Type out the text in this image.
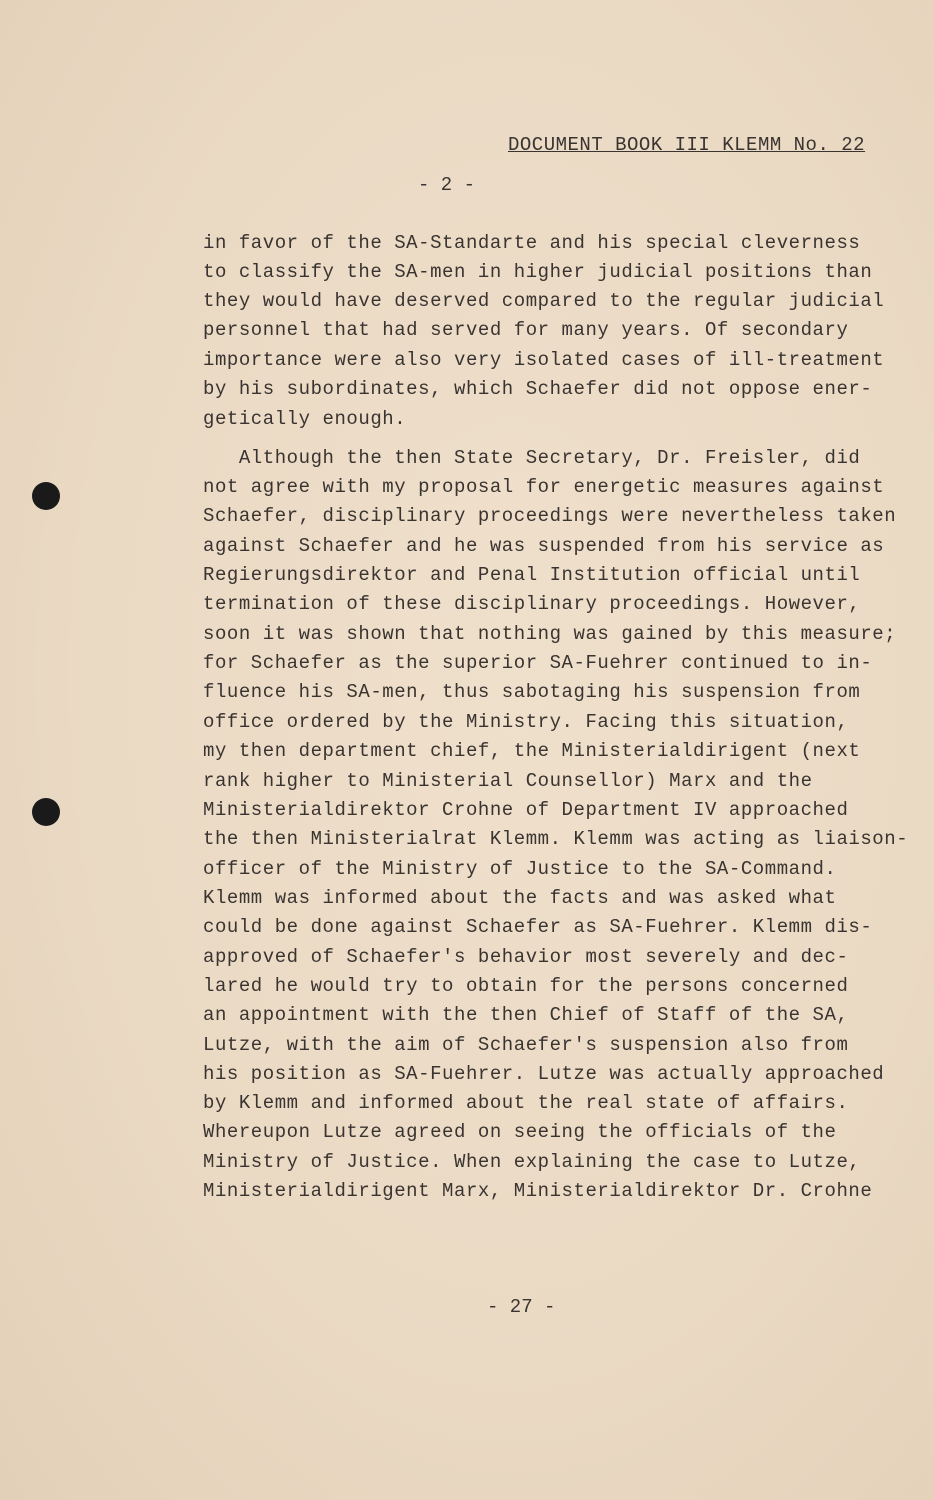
DOCUMENT BOOK III KLEMM No. 22
- 2 -
in favor of the SA-Standarte and his special cleverness
to classify the SA-men in higher judicial positions than
they would have deserved compared to the regular judicial
personnel that had served for many years. Of secondary
importance were also very isolated cases of ill-treatment
by his subordinates, which Schaefer did not oppose ener-
getically enough.
Although the then State Secretary, Dr. Freisler, did
not agree with my proposal for energetic measures against
Schaefer, disciplinary proceedings were nevertheless taken
against Schaefer and he was suspended from his service as
Regierungsdirektor and Penal Institution official until
termination of these disciplinary proceedings. However,
soon it was shown that nothing was gained by this measure;
for Schaefer as the superior SA-Fuehrer continued to in-
fluence his SA-men, thus sabotaging his suspension from
office ordered by the Ministry. Facing this situation,
my then department chief, the Ministerialdirigent (next
rank higher to Ministerial Counsellor) Marx and the
Ministerialdirektor Crohne of Department IV approached
the then Ministerialrat Klemm. Klemm was acting as liaison-
officer of the Ministry of Justice to the SA-Command.
Klemm was informed about the facts and was asked what
could be done against Schaefer as SA-Fuehrer. Klemm dis-
approved of Schaefer's behavior most severely and dec-
lared he would try to obtain for the persons concerned
an appointment with the then Chief of Staff of the SA,
Lutze, with the aim of Schaefer's suspension also from
his position as SA-Fuehrer. Lutze was actually approached
by Klemm and informed about the real state of affairs.
Whereupon Lutze agreed on seeing the officials of the
Ministry of Justice. When explaining the case to Lutze,
Ministerialdirigent Marx, Ministerialdirektor Dr. Crohne
- 27 -
